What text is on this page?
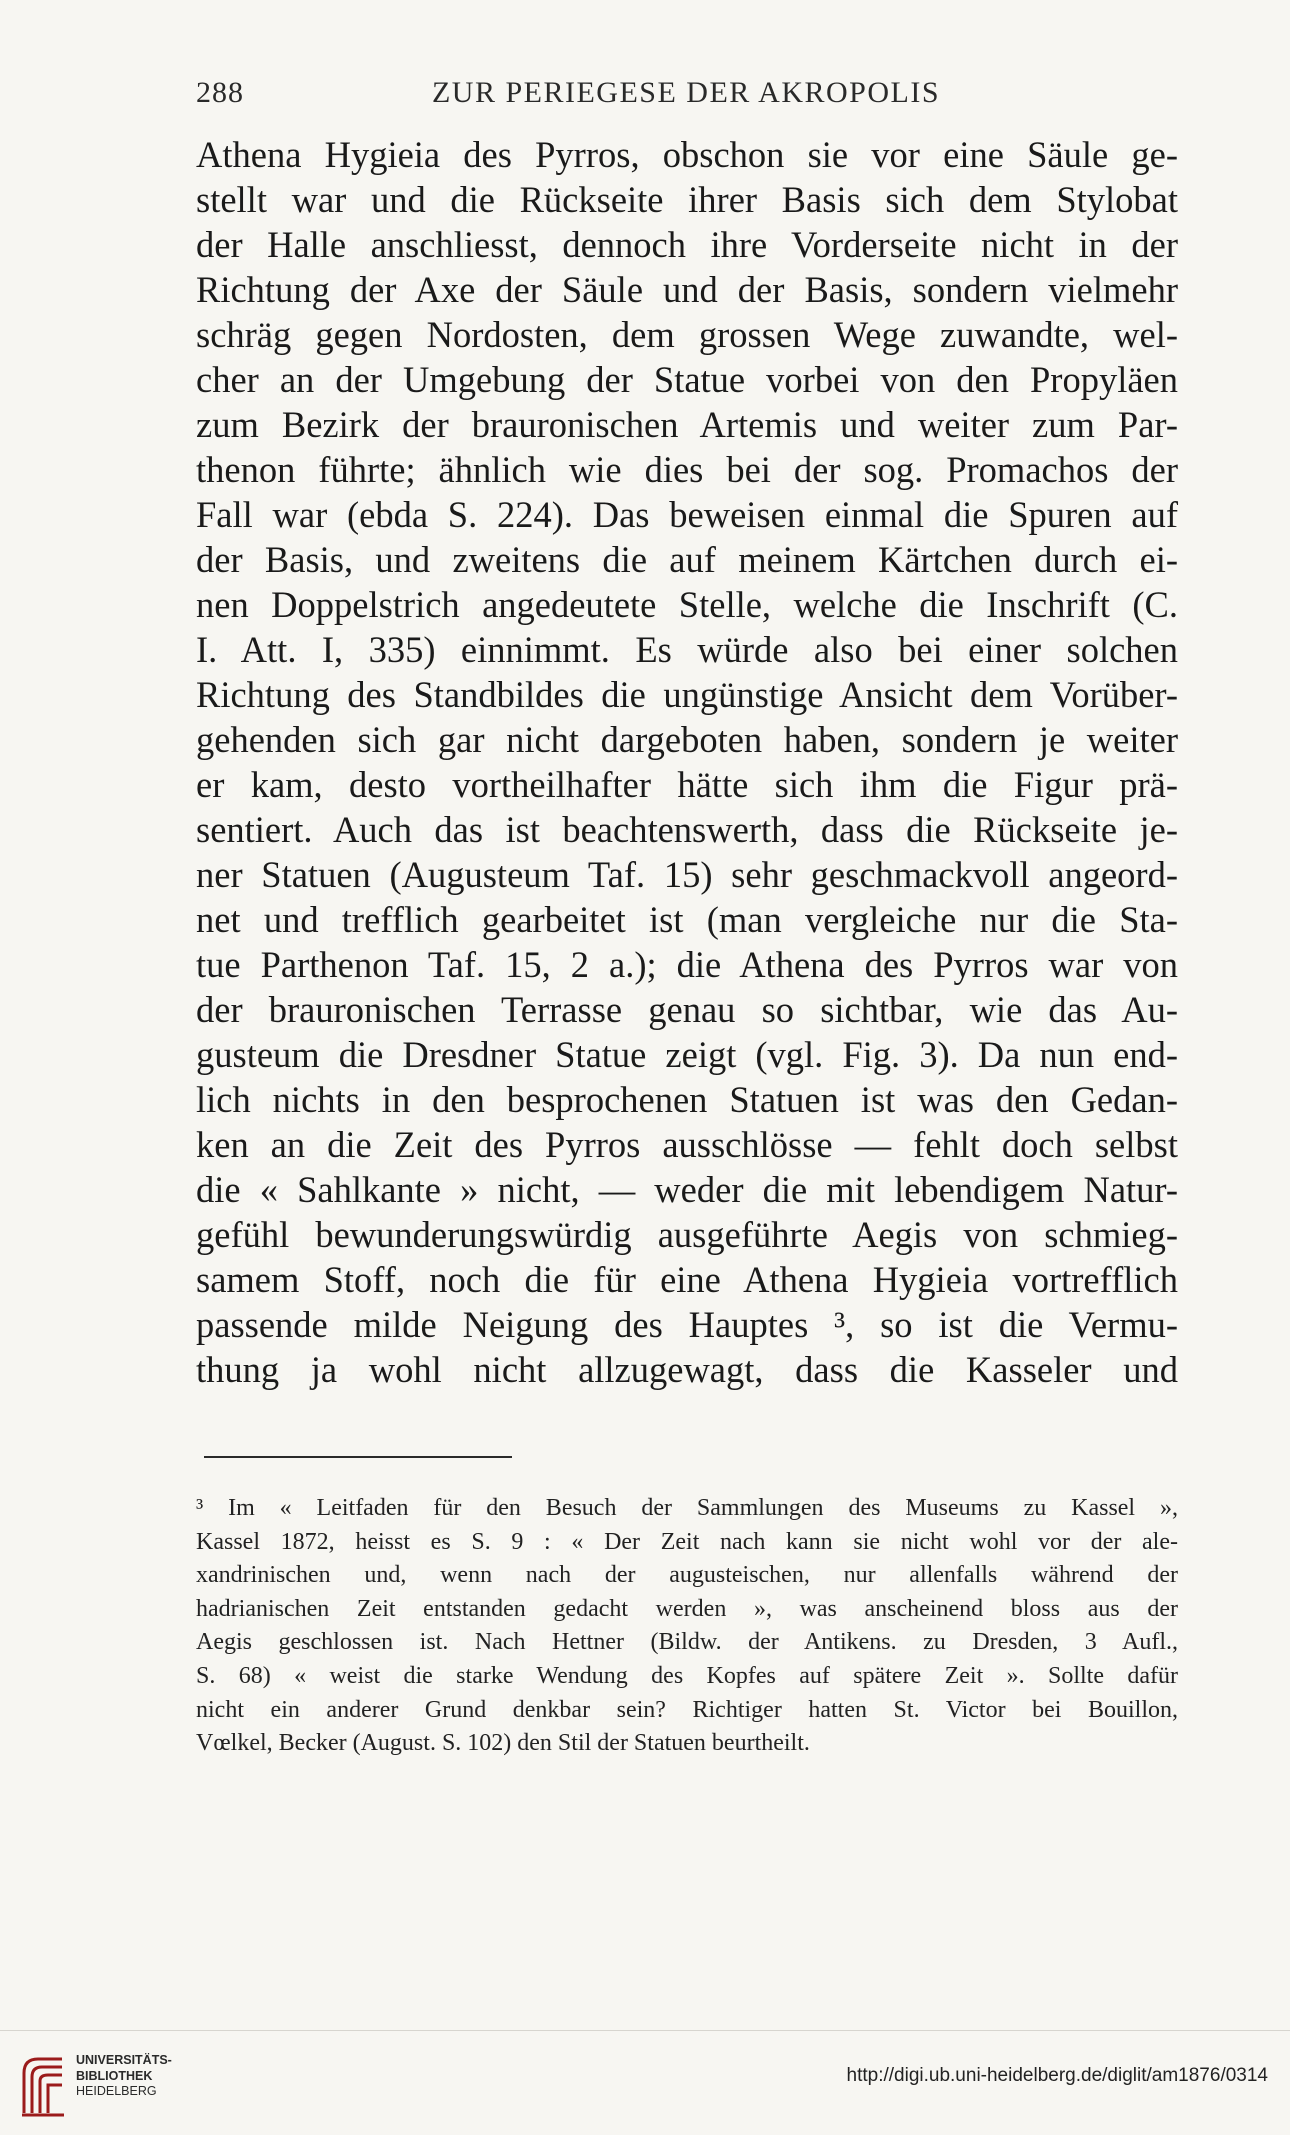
288	ZUR PERIEGESE DER AKROPOLIS
Athena Hygieia des Pyrros, obschon sie vor eine Säule ge-
stellt war und die Rückseite ihrer Basis sich dem Stylobat
der Halle anschliesst, dennoch ihre Vorderseite nicht in der
Richtung der Axe der Säule und der Basis, sondern vielmehr
schräg gegen Nordosten, dem grossen Wege zuwandte, wel-
cher an der Umgebung der Statue vorbei von den Propyläen
zum Bezirk der brauronischen Artemis und weiter zum Par-
thenon führte; ähnlich wie dies bei der sog. Promachos der
Fall war (ebda S. 224). Das beweisen einmal die Spuren auf
der Basis, und zweitens die auf meinem Kärtchen durch ei-
nen Doppelstrich angedeutete Stelle, welche die Inschrift (C.
I. Att. I, 335) einnimmt. Es würde also bei einer solchen
Richtung des Standbildes die ungünstige Ansicht dem Vorüber-
gehenden sich gar nicht dargeboten haben, sondern je weiter
er kam, desto vortheilhafter hätte sich ihm die Figur prä-
sentiert. Auch das ist beachtenswerth, dass die Rückseite je-
ner Statuen (Augusteum Taf. 15) sehr geschmackvoll angeord-
net und trefflich gearbeitet ist (man vergleiche nur die Sta-
tue Parthenon Taf. 15, 2 a.); die Athena des Pyrros war von
der brauronischen Terrasse genau so sichtbar, wie das Au-
gusteum die Dresdner Statue zeigt (vgl. Fig. 3). Da nun end-
lich nichts in den besprochenen Statuen ist was den Gedan-
ken an die Zeit des Pyrros ausschlösse — fehlt doch selbst
die « Sahlkante » nicht, — weder die mit lebendigem Natur-
gefühl bewunderungswürdig ausgeführte Aegis von schmieg-
samem Stoff, noch die für eine Athena Hygieia vortrefflich
passende milde Neigung des Hauptes ³, so ist die Vermu-
thung ja wohl nicht allzugewagt, dass die Kasseler und
³ Im « Leitfaden für den Besuch der Sammlungen des Museums zu Kassel »,
Kassel 1872, heisst es S. 9 : « Der Zeit nach kann sie nicht wohl vor der ale-
xandrinischen und, wenn nach der augusteischen, nur allenfalls während der
hadrianischen Zeit entstanden gedacht werden », was anscheinend bloss aus der
Aegis geschlossen ist. Nach Hettner (Bildw. der Antikens. zu Dresden, 3 Aufl.,
S. 68) « weist die starke Wendung des Kopfes auf spätere Zeit ». Sollte dafür
nicht ein anderer Grund denkbar sein? Richtiger hatten St. Victor bei Bouillon,
Vœlkel, Becker (August. S. 102) den Stil der Statuen beurtheilt.
UNIVERSITÄTS-
BIBLIOTHEK
HEIDELBERG
http://digi.ub.uni-heidelberg.de/diglit/am1876/0314
